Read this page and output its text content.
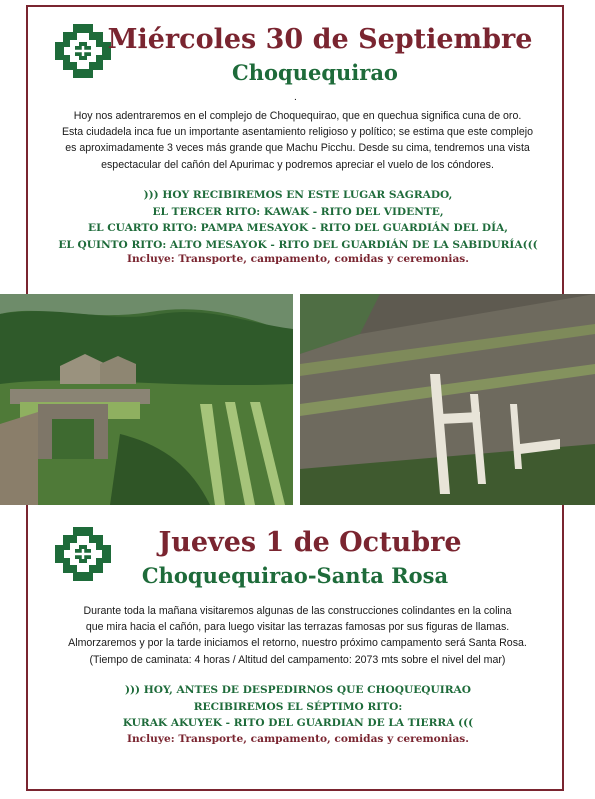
Miércoles 30 de Septiembre
Choquequirao
.
Hoy nos adentraremos en el complejo de Choquequirao, que en quechua significa cuna de oro.
Esta ciudadela inca fue un importante asentamiento religioso y político; se estima que este complejo
es aproximadamente 3 veces más grande que Machu Picchu. Desde su cima, tendremos una vista
espectacular del cañón del Apurimac y podremos apreciar el vuelo de los cóndores.
))) HOY RECIBIREMOS EN ESTE LUGAR SAGRADO,
EL TERCER RITO: KAWAK - RITO DEL VIDENTE,
EL CUARTO RITO: PAMPA MESAYOK - RITO DEL GUARDIÁN DEL DÍA,
EL QUINTO RITO: ALTO MESAYOK - RITO DEL GUARDIÁN DE LA SABIDURÍA(((
Incluye: Transporte, campamento, comidas y ceremonias.
Jueves 1 de Octubre
Choquequirao-Santa Rosa
Durante toda la mañana visitaremos algunas de las construcciones colindantes en la colina
que mira hacia el cañón, para luego visitar las terrazas famosas por sus figuras de llamas.
Almorzaremos y por la tarde iniciamos el retorno, nuestro próximo campamento será Santa Rosa.
(Tiempo de caminata: 4 horas / Altitud del campamento: 2073 mts sobre el nivel del mar)
))) HOY, ANTES DE DESPEDIRNOS QUE CHOQUEQUIRAO
RECIBIREMOS EL SÉPTIMO RITO:
KURAK AKUYEK - RITO DEL GUARDIAN DE LA TIERRA (((
Incluye: Transporte, campamento, comidas y ceremonias.
